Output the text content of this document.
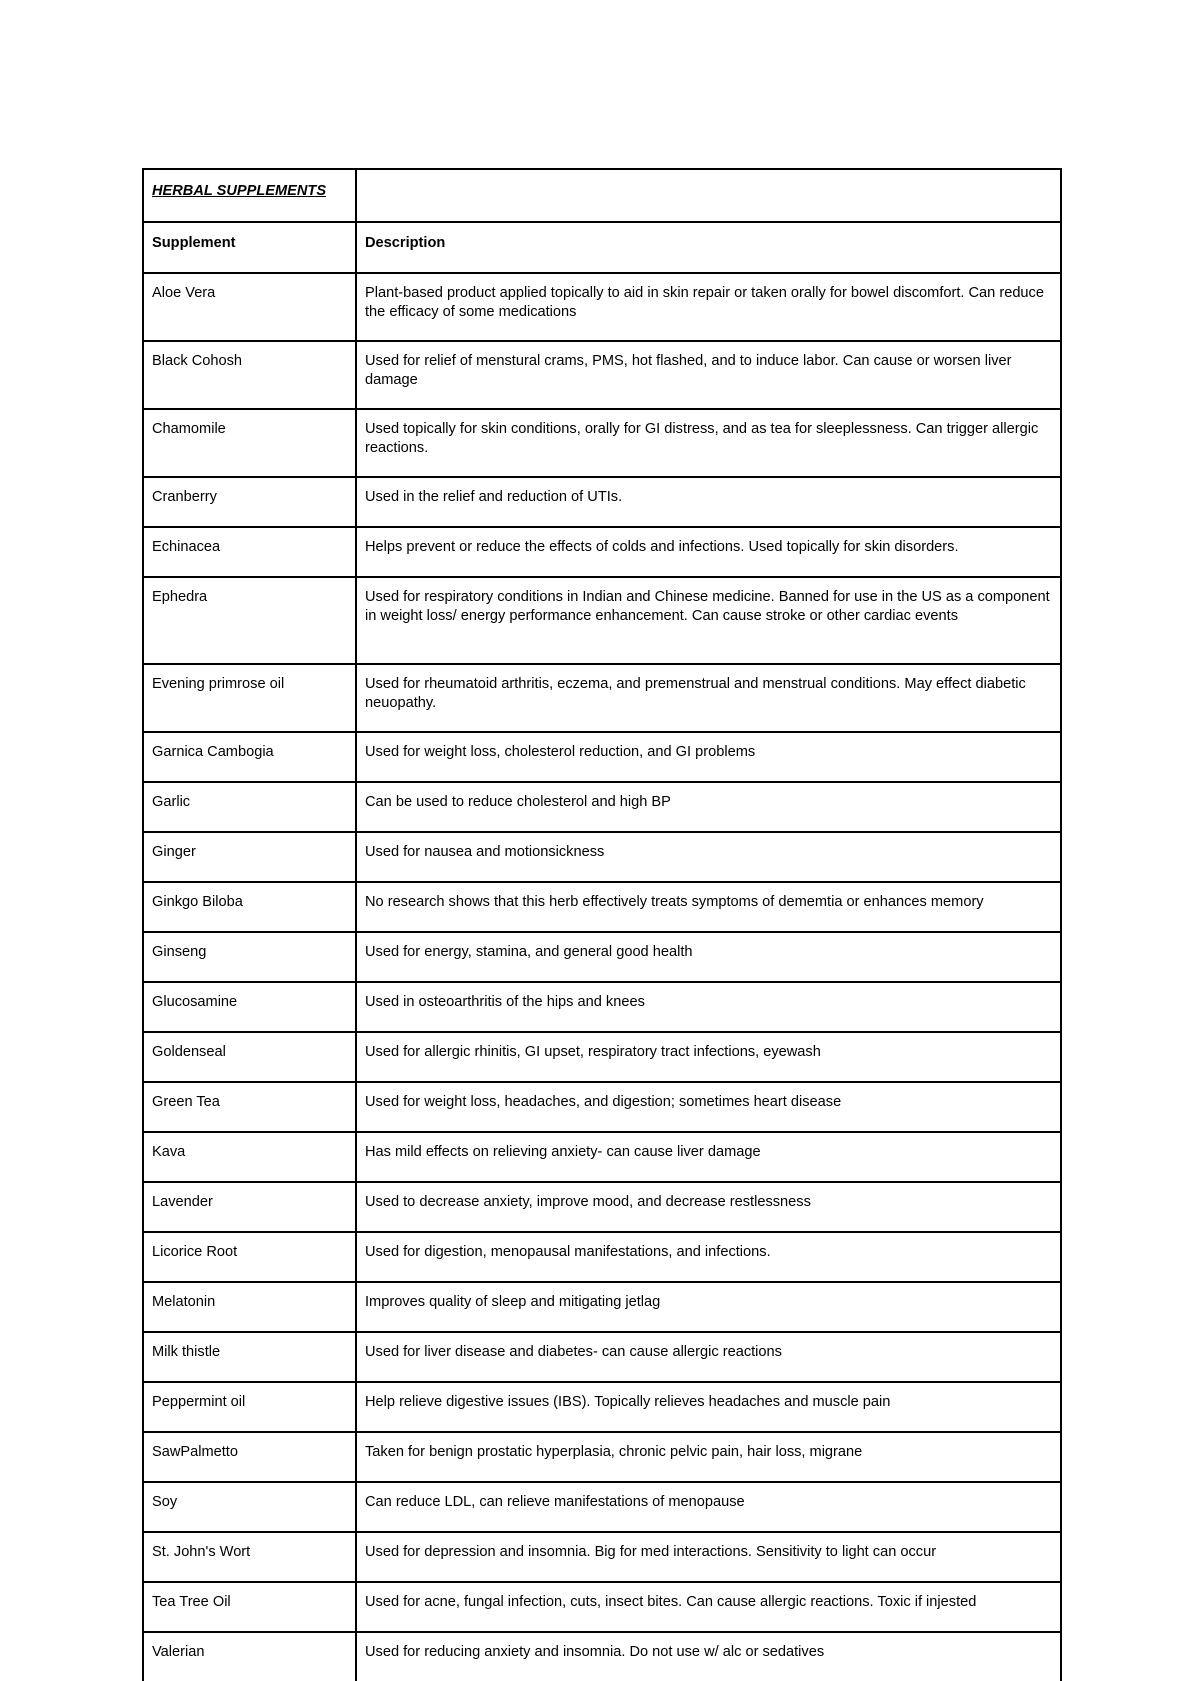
HERBAL SUPPLEMENTS	
Supplement	Description
Aloe Vera	Plant-based product applied topically to aid in skin repair or taken orally for bowel discomfort. Can reduce the efficacy of some medications
Black Cohosh	Used for relief of menstural crams, PMS, hot flashed, and to induce labor. Can cause or worsen liver damage
Chamomile	Used topically for skin conditions, orally for GI distress, and as tea for sleeplessness. Can trigger allergic reactions.
Cranberry	Used in the relief and reduction of UTIs.
Echinacea	Helps prevent or reduce the effects of colds and infections. Used topically for skin disorders.
Ephedra	Used for respiratory conditions in Indian and Chinese medicine. Banned for use in the US as a component in weight loss/ energy performance enhancement. Can cause stroke or other cardiac events
Evening primrose oil	Used for rheumatoid arthritis, eczema, and premenstrual and menstrual conditions. May effect diabetic neuopathy.
Garnica Cambogia	Used for weight loss, cholesterol reduction, and GI problems
Garlic	Can be used to reduce cholesterol and high BP
Ginger	Used for nausea and motionsickness
Ginkgo Biloba	No research shows that this herb effectively treats symptoms of dememtia or enhances memory
Ginseng	Used for energy, stamina, and general good health
Glucosamine	Used in osteoarthritis of the hips and knees
Goldenseal	Used for allergic rhinitis, GI upset, respiratory tract infections, eyewash
Green Tea	Used for weight loss, headaches, and digestion; sometimes heart disease
Kava	Has mild effects on relieving anxiety- can cause liver damage
Lavender	Used to decrease anxiety, improve mood, and decrease restlessness
Licorice Root	Used for digestion, menopausal manifestations, and infections.
Melatonin	Improves quality of sleep and mitigating jetlag
Milk thistle	Used for liver disease and diabetes- can cause allergic reactions
Peppermint oil	Help relieve digestive issues (IBS). Topically relieves headaches and muscle pain
SawPalmetto	Taken for benign prostatic hyperplasia, chronic pelvic pain, hair loss, migrane
Soy	Can reduce LDL, can relieve manifestations of menopause
St. John's Wort	Used for depression and insomnia. Big for med interactions. Sensitivity to light can occur
Tea Tree Oil	Used for acne, fungal infection, cuts, insect bites. Can cause allergic reactions. Toxic if injested
Valerian	Used for reducing anxiety and insomnia. Do not use w/ alc or sedatives
